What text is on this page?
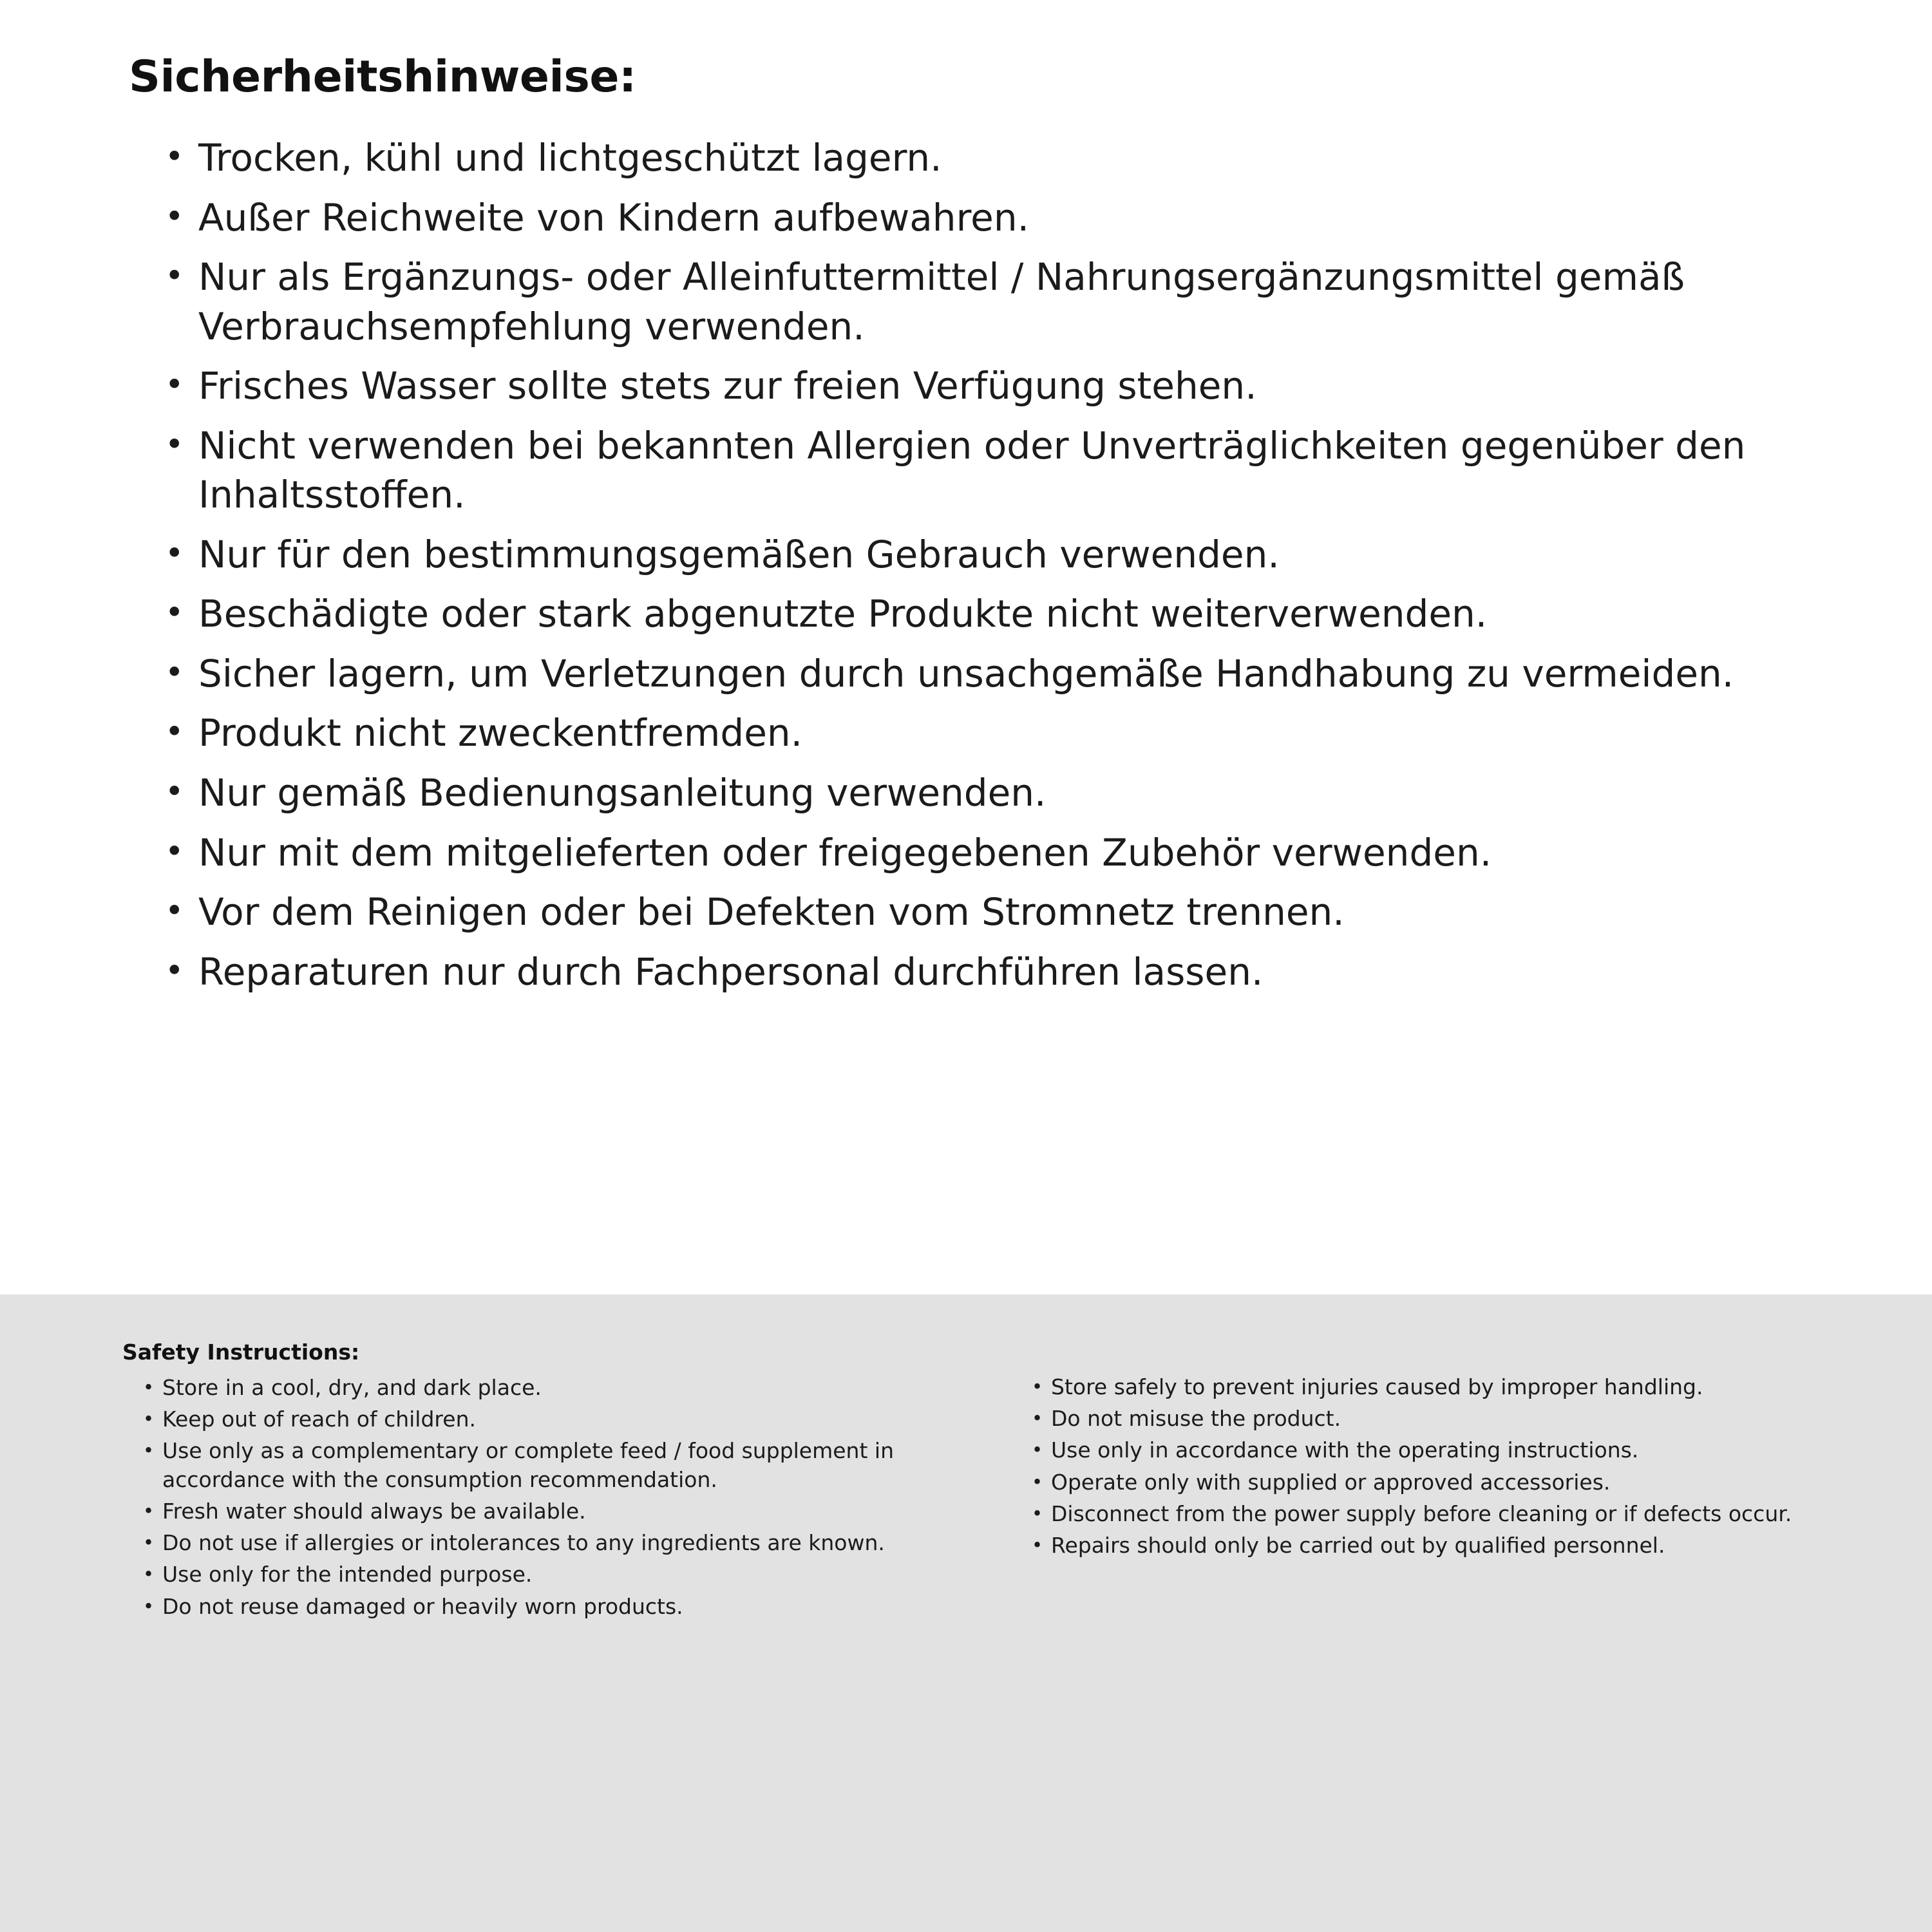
Sicherheitshinweise:
• Trocken, kühl und lichtgeschützt lagern.
• Außer Reichweite von Kindern aufbewahren.
• Nur als Ergänzungs- oder Alleinfuttermittel / Nahrungsergänzungsmittel gemäß Verbrauchsempfehlung verwenden.
• Frisches Wasser sollte stets zur freien Verfügung stehen.
• Nicht verwenden bei bekannten Allergien oder Unverträglichkeiten gegenüber den Inhaltsstoffen.
• Nur für den bestimmungsgemäßen Gebrauch verwenden.
• Beschädigte oder stark abgenutzte Produkte nicht weiterverwenden.
• Sicher lagern, um Verletzungen durch unsachgemäße Handhabung zu vermeiden.
• Produkt nicht zweckentfremden.
• Nur gemäß Bedienungsanleitung verwenden.
• Nur mit dem mitgelieferten oder freigegebenen Zubehör verwenden.
• Vor dem Reinigen oder bei Defekten vom Stromnetz trennen.
• Reparaturen nur durch Fachpersonal durchführen lassen.
Safety Instructions:
• Store in a cool, dry, and dark place.
• Keep out of reach of children.
• Use only as a complementary or complete feed / food supplement in accordance with the consumption recommendation.
• Fresh water should always be available.
• Do not use if allergies or intolerances to any ingredients are known.
• Use only for the intended purpose.
• Do not reuse damaged or heavily worn products.
• Store safely to prevent injuries caused by improper handling.
• Do not misuse the product.
• Use only in accordance with the operating instructions.
• Operate only with supplied or approved accessories.
• Disconnect from the power supply before cleaning or if defects occur.
• Repairs should only be carried out by qualified personnel.
